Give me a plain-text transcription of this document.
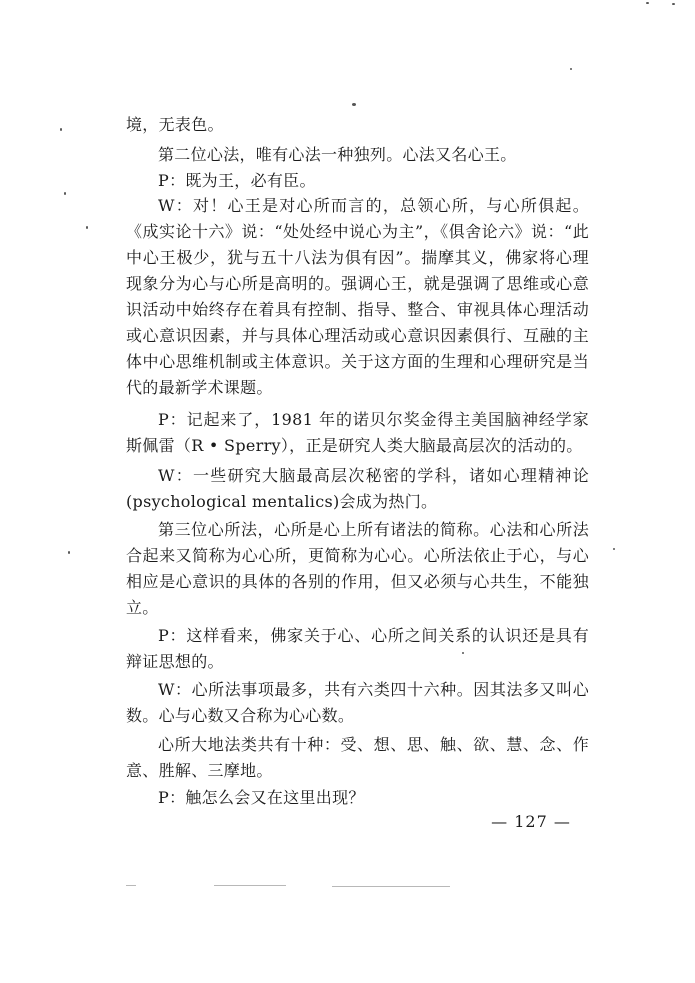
境，无表色。

第二位心法，唯有心法一种独列。心法又名心王。

P：既为王，必有臣。

W：对！心王是对心所而言的，总领心所，与心所俱起。《成实论十六》说：“处处经中说心为主”，《俱舍论六》说：“此中心王极少，犹与五十八法为俱有因”。揣摩其义，佛家将心理现象分为心与心所是高明的。强调心王，就是强调了思维或心意识活动中始终存在着具有控制、指导、整合、审视具体心理活动或心意识因素，并与具体心理活动或心意识因素俱行、互融的主体中心思维机制或主体意识。关于这方面的生理和心理研究是当代的最新学术课题。

P：记起来了，1981 年的诺贝尔奖金得主美国脑神经学家斯佩雷（R • Sperry），正是研究人类大脑最高层次的活动的。

W：一些研究大脑最高层次秘密的学科，诸如心理精神论(psychological mentalics)会成为热门。

第三位心所法，心所是心上所有诸法的简称。心法和心所法合起来又简称为心心所，更简称为心心。心所法依止于心，与心相应是心意识的具体的各别的作用，但又必须与心共生，不能独立。

P：这样看来，佛家关于心、心所之间关系的认识还是具有辩证思想的。

W：心所法事项最多，共有六类四十六种。因其法多又叫心数。心与心数又合称为心心数。

心所大地法类共有十种：受、想、思、触、欲、慧、念、作意、胜解、三摩地。

P：触怎么会又在这里出现？

— 127 —
